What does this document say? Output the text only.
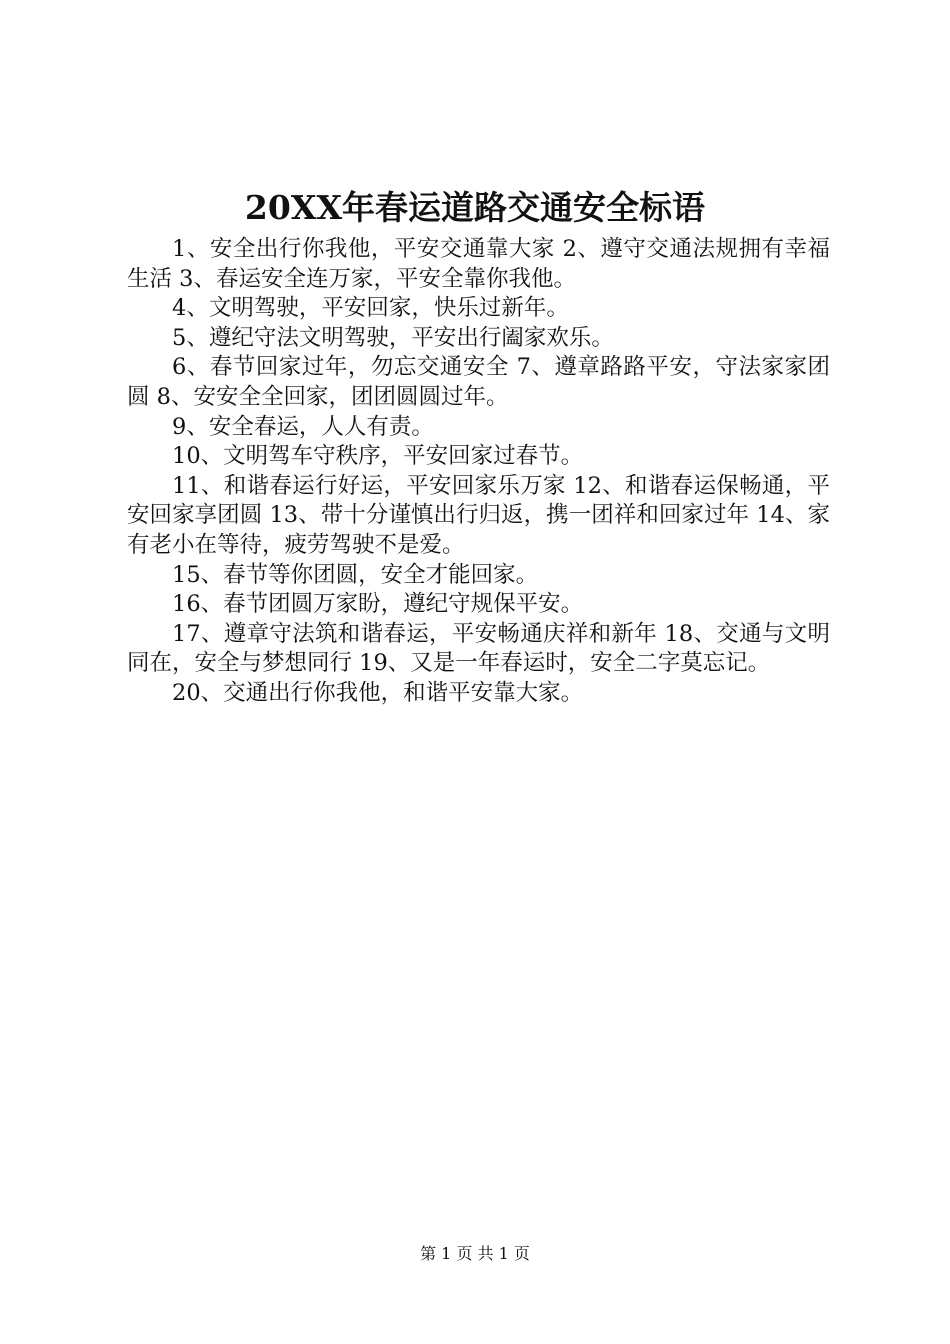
20XX年春运道路交通安全标语

1、安全出行你我他，平安交通靠大家 2、遵守交通法规拥有幸福生活 3、春运安全连万家，平安全靠你我他。

4、文明驾驶，平安回家，快乐过新年。

5、遵纪守法文明驾驶，平安出行阖家欢乐。

6、春节回家过年，勿忘交通安全 7、遵章路路平安，守法家家团圆 8、安安全全回家，团团圆圆过年。

9、安全春运，人人有责。

10、文明驾车守秩序，平安回家过春节。

11、和谐春运行好运，平安回家乐万家 12、和谐春运保畅通，平安回家享团圆 13、带十分谨慎出行归返，携一团祥和回家过年 14、家有老小在等待，疲劳驾驶不是爱。

15、春节等你团圆，安全才能回家。

16、春节团圆万家盼，遵纪守规保平安。

17、遵章守法筑和谐春运，平安畅通庆祥和新年 18、交通与文明同在，安全与梦想同行 19、又是一年春运时，安全二字莫忘记。

20、交通出行你我他，和谐平安靠大家。

第 1 页 共 1 页
